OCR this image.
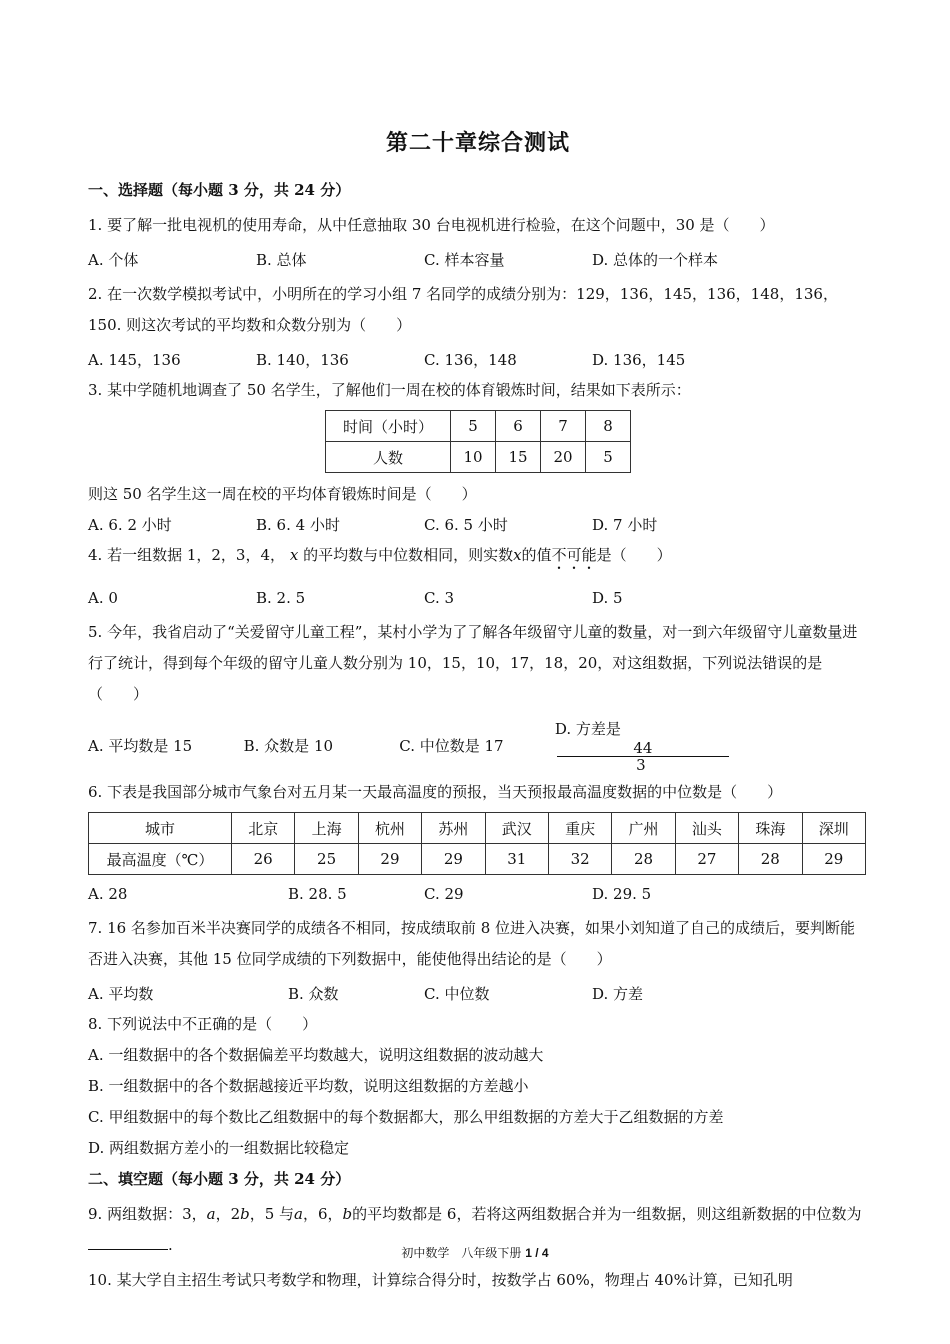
第二十章综合测试
一、选择题（每小题 3 分，共 24 分）
1. 要了解一批电视机的使用寿命，从中任意抽取 30 台电视机进行检验，在这个问题中，30 是（　　）
A. 个体	B. 总体	C. 样本容量	D. 总体的一个样本
2. 在一次数学模拟考试中，小明所在的学习小组 7 名同学的成绩分别为：129，136，145，136，148，136，150. 则这次考试的平均数和众数分别为（　　）
A. 145，136	B. 140，136	C. 136，148	D. 136，145
3. 某中学随机地调查了 50 名学生，了解他们一周在校的体育锻炼时间，结果如下表所示：
时间（小时）	5	6	7	8
人数	10	15	20	5
则这 50 名学生这一周在校的平均体育锻炼时间是（　　）
A. 6. 2 小时	B. 6. 4 小时	C. 6. 5 小时	D. 7 小时
4. 若一组数据 1，2，3，4， x 的平均数与中位数相同，则实数x的值不可能是（　　）
A. 0	B. 2. 5	C. 3	D. 5
5. 今年，我省启动了“关爱留守儿童工程”，某村小学为了了解各年级留守儿童的数量，对一到六年级留守儿童数量进行了统计，得到每个年级的留守儿童人数分别为 10，15，10，17，18，20，对这组数据，下列说法错误的是（　　）
A. 平均数是 15	B. 众数是 10	C. 中位数是 17
D. 方差是
$\frac{44}{3}$
6. 下表是我国部分城市气象台对五月某一天最高温度的预报，当天预报最高温度数据的中位数是（　　）
城市	北京	上海	杭州	苏州	武汉	重庆	广州	汕头	珠海	深圳
最高温度（℃）	26	25	29	29	31	32	28	27	28	29
A. 28	B. 28. 5	C. 29	D. 29. 5
7. 16 名参加百米半决赛同学的成绩各不相同，按成绩取前 8 位进入决赛，如果小刘知道了自己的成绩后，要判断能否进入决赛，其他 15 位同学成绩的下列数据中，能使他得出结论的是（　　）
A. 平均数	B. 众数	C. 中位数	D. 方差
8. 下列说法中不正确的是（　　）
A. 一组数据中的各个数据偏差平均数越大，说明这组数据的波动越大
B. 一组数据中的各个数据越接近平均数，说明这组数据的方差越小
C. 甲组数据中的每个数比乙组数据中的每个数据都大，那么甲组数据的方差大于乙组数据的方差
D. 两组数据方差小的一组数据比较稳定
二、填空题（每小题 3 分，共 24 分）
9. 两组数据：3，a，2b，5 与a，6，b的平均数都是 6，若将这两组数据合并为一组数据，则这组新数据的中位数为.
10. 某大学自主招生考试只考数学和物理，计算综合得分时，按数学占 60%，物理占 40%计算，已知孔明
初中数学　八年级下册 1 / 4
